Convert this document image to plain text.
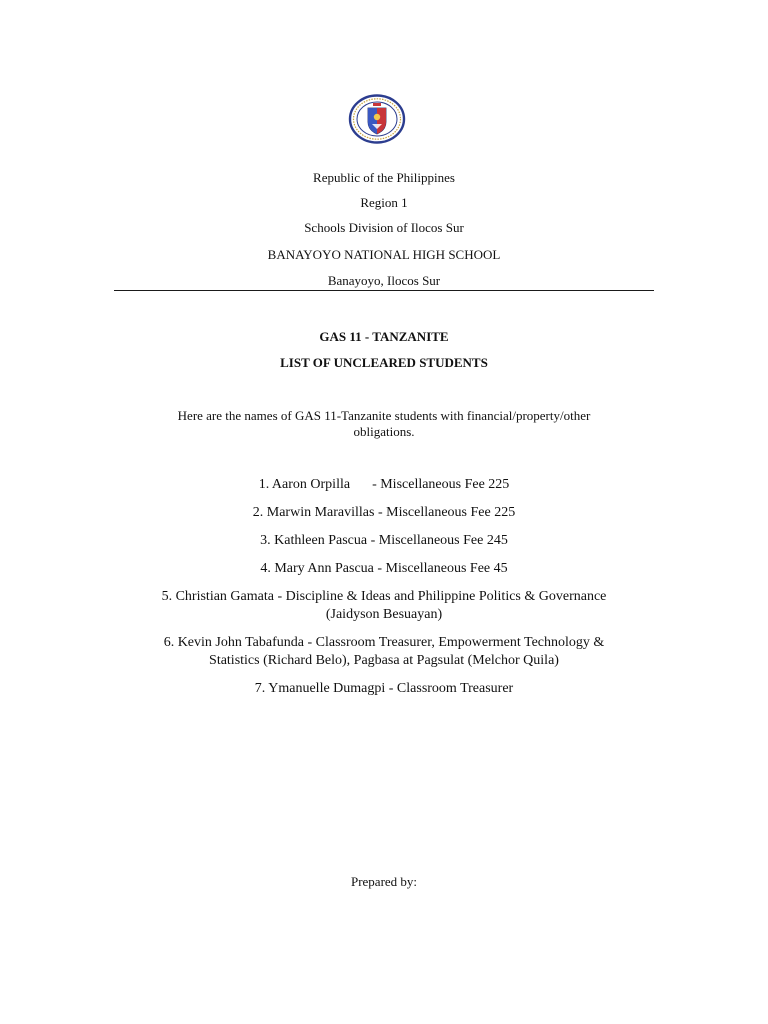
Republic of the Philippines
Region 1
Schools Division of Ilocos Sur
BANAYOYO NATIONAL HIGH SCHOOL
Banayoyo, Ilocos Sur
GAS 11 - TANZANITE
LIST OF UNCLEARED STUDENTS
Here are the names of GAS 11-Tanzanite students with financial/property/other obligations.
1. Aaron Orpilla - Miscellaneous Fee 225
2. Marwin Maravillas - Miscellaneous Fee 225
3. Kathleen Pascua - Miscellaneous Fee 245
4. Mary Ann Pascua - Miscellaneous Fee 45
5. Christian Gamata - Discipline & Ideas and Philippine Politics & Governance
(Jaidyson Besuayan)
6. Kevin John Tabafunda - Classroom Treasurer, Empowerment Technology &
Statistics (Richard Belo), Pagbasa at Pagsulat (Melchor Quila)
7. Ymanuelle Dumagpi - Classroom Treasurer
Prepared by:
